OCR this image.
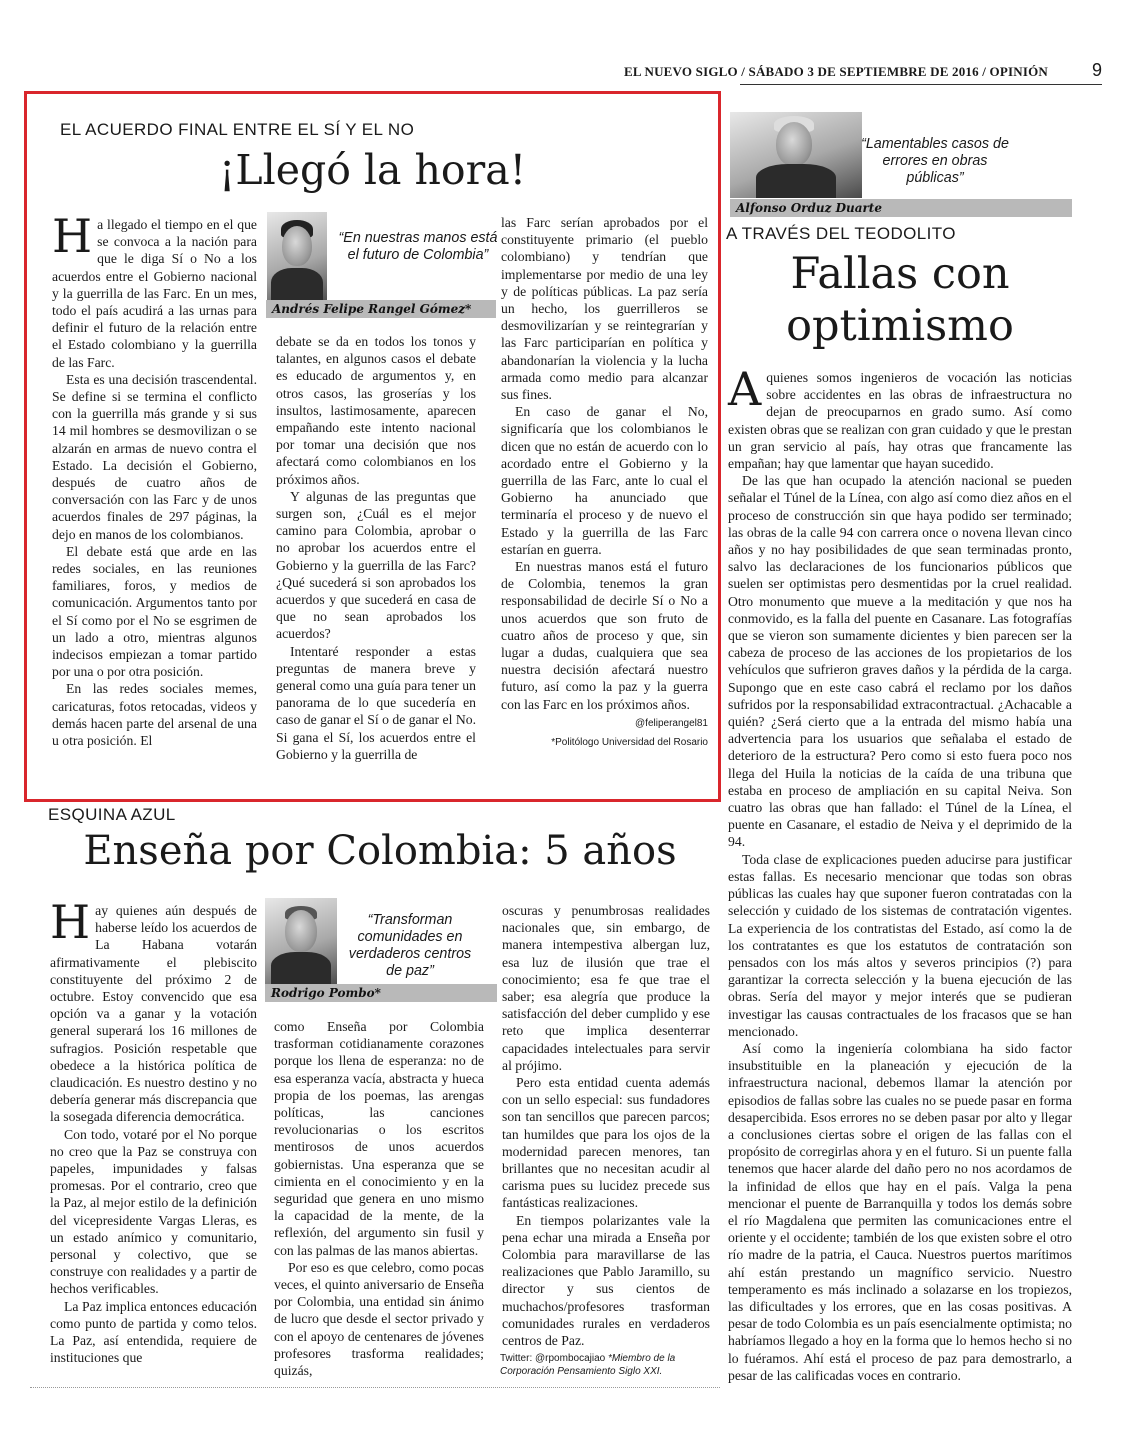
EL NUEVO SIGLO / SÁBADO 3 DE SEPTIEMBRE DE 2016 / OPINIÓN 9
EL ACUERDO FINAL ENTRE EL SÍ Y EL NO
¡Llegó la hora!
“En nuestras manos está el futuro de Colombia”
Andrés Felipe Rangel Gómez*

Ha llegado el tiempo en el que se convoca a la nación para que le diga Sí o No a los acuerdos entre el Gobierno nacional y la guerrilla de las Farc. En un mes, todo el país acudirá a las urnas para definir el futuro de la relación entre el Estado colombiano y la guerrilla de las Farc.

Esta es una decisión trascendental. Se define si se termina el conflicto con la guerrilla más grande y si sus 14 mil hombres se desmovilizan o se alzarán en armas de nuevo contra el Estado. La decisión el Gobierno, después de cuatro años de conversación con las Farc y de unos acuerdos finales de 297 páginas, la dejo en manos de los colombianos.

El debate está que arde en las redes sociales, en las reuniones familiares, foros, y medios de comunicación. Argumentos tanto por el Sí como por el No se esgrimen de un lado a otro, mientras algunos indecisos empiezan a tomar partido por una o por otra posición.

En las redes sociales memes, caricaturas, fotos retocadas, videos y demás hacen parte del arsenal de una u otra posición. El

debate se da en todos los tonos y talantes, en algunos casos el debate es educado de argumentos y, en otros casos, las groserías y los insultos, lastimosamente, aparecen empañando este intento nacional por tomar una decisión que nos afectará como colombianos en los próximos años.

Y algunas de las preguntas que surgen son, ¿Cuál es el mejor camino para Colombia, aprobar o no aprobar los acuerdos entre el Gobierno y la guerrilla de las Farc? ¿Qué sucederá si son aprobados los acuerdos y que sucederá en casa de que no sean aprobados los acuerdos?

Intentaré responder a estas preguntas de manera breve y general como una guía para tener un panorama de lo que sucedería en caso de ganar el Sí o de ganar el No. Si gana el Sí, los acuerdos entre el Gobierno y la guerrilla de

las Farc serían aprobados por el constituyente primario (el pueblo colombiano) y tendrían que implementarse por medio de una ley y de políticas públicas. La paz sería un hecho, los guerrilleros se desmovilizarían y se reintegrarían y las Farc participarían en política y abandonarían la violencia y la lucha armada como medio para alcanzar sus fines.

En caso de ganar el No, significaría que los colombianos le dicen que no están de acuerdo con lo acordado entre el Gobierno y la guerrilla de las Farc, ante lo cual el Gobierno ha anunciado que terminaría el proceso y de nuevo el Estado y la guerrilla de las Farc estarían en guerra.

En nuestras manos está el futuro de Colombia, tenemos la gran responsabilidad de decirle Sí o No a unos acuerdos que son fruto de cuatro años de proceso y que, sin lugar a dudas, cualquiera que sea nuestra decisión afectará nuestro futuro, así como la paz y la guerra con las Farc en los próximos años.

@feliperangel81
*Politólogo Universidad del Rosario
“Lamentables casos de errores en obras públicas”
Alfonso Orduz Duarte
A TRAVÉS DEL TEODOLITO
Fallas con
optimismo

Aquienes somos ingenieros de vocación las noticias sobre accidentes en las obras de infraestructura no dejan de preocuparnos en grado sumo. Así como existen obras que se realizan con gran cuidado y que le prestan un gran servicio al país, hay otras que francamente las empañan; hay que lamentar que hayan sucedido.

De las que han ocupado la atención nacional se pueden señalar el Túnel de la Línea, con algo así como diez años en el proceso de construcción sin que haya podido ser terminado; las obras de la calle 94 con carrera once o novena llevan cinco años y no hay posibilidades de que sean terminadas pronto, salvo las declaraciones de los funcionarios públicos que suelen ser optimistas pero desmentidas por la cruel realidad. Otro monumento que mueve a la meditación y que nos ha conmovido, es la falla del puente en Casanare. Las fotografías que se vieron son sumamente dicientes y bien parecen ser la cabeza de proceso de las acciones de los propietarios de los vehículos que sufrieron graves daños y la pérdida de la carga. Supongo que en este caso cabrá el reclamo por los daños sufridos por la responsabilidad extracontractual. ¿Achacable a quién? ¿Será cierto que a la entrada del mismo había una advertencia para los usuarios que señalaba el estado de deterioro de la estructura? Pero como si esto fuera poco nos llega del Huila la noticias de la caída de una tribuna que estaba en proceso de ampliación en su capital Neiva. Son cuatro las obras que han fallado: el Túnel de la Línea, el puente en Casanare, el estadio de Neiva y el deprimido de la 94.

Toda clase de explicaciones pueden aducirse para justificar estas fallas. Es necesario mencionar que todas son obras públicas las cuales hay que suponer fueron contratadas con la selección y cuidado de los sistemas de contratación vigentes. La experiencia de los contratistas del Estado, así como la de los contratantes es que los estatutos de contratación son pensados con los más altos y severos principios (?) para garantizar la correcta selección y la buena ejecución de las obras. Sería del mayor y mejor interés que se pudieran investigar las causas contractuales de los fracasos que se han mencionado.

Así como la ingeniería colombiana ha sido factor insubstituible en la planeación y ejecución de la infraestructura nacional, debemos llamar la atención por episodios de fallas sobre las cuales no se puede pasar en forma desapercibida. Esos errores no se deben pasar por alto y llegar a conclusiones ciertas sobre el origen de las fallas con el propósito de corregirlas ahora y en el futuro. Si un puente falla tenemos que hacer alarde del daño pero no nos acordamos de la infinidad de ellos que hay en el país. Valga la pena mencionar el puente de Barranquilla y todos los demás sobre el río Magdalena que permiten las comunicaciones entre el oriente y el occidente; también de los que existen sobre el otro río madre de la patria, el Cauca. Nuestros puertos marítimos ahí están prestando un magnífico servicio. Nuestro temperamento es más inclinado a solazarse en los tropiezos, las dificultades y los errores, que en las cosas positivas. A pesar de todo Colombia es un país esencialmente optimista; no habríamos llegado a hoy en la forma que lo hemos hecho si no lo fuéramos. Ahí está el proceso de paz para demostrarlo, a pesar de las calificadas voces en contrario.

ESQUINA AZUL
Enseña por Colombia: 5 años
“Transforman comunidades en verdaderos centros de paz”
Rodrigo Pombo*

Hay quienes aún después de haberse leído los acuerdos de La Habana votarán afirmativamente el plebiscito constituyente del próximo 2 de octubre. Estoy convencido que esa opción va a ganar y la votación general superará los 16 millones de sufragios. Posición respetable que obedece a la histórica política de claudicación. Es nuestro destino y no debería generar más discrepancia que la sosegada diferencia democrática.

Con todo, votaré por el No porque no creo que la Paz se construya con papeles, impunidades y falsas promesas. Por el contrario, creo que la Paz, al mejor estilo de la definición del vicepresidente Vargas Lleras, es un estado anímico y comunitario, personal y colectivo, que se construye con realidades y a partir de hechos verificables.

La Paz implica entonces educación como punto de partida y como telos. La Paz, así entendida, requiere de instituciones que

como Enseña por Colombia trasforman cotidianamente corazones porque los llena de esperanza: no de esa esperanza vacía, abstracta y hueca propia de los poemas, las arengas políticas, las canciones revolucionarias o los escritos mentirosos de unos acuerdos gobiernistas. Una esperanza que se cimienta en el conocimiento y en la seguridad que genera en uno mismo la capacidad de la mente, de la reflexión, del argumento sin fusil y con las palmas de las manos abiertas.

Por eso es que celebro, como pocas veces, el quinto aniversario de Enseña por Colombia, una entidad sin ánimo de lucro que desde el sector privado y con el apoyo de centenares de jóvenes profesores trasforma realidades; quizás,

oscuras y penumbrosas realidades nacionales que, sin embargo, de manera intempestiva albergan luz, esa luz de ilusión que trae el conocimiento; esa fe que trae el saber; esa alegría que produce la satisfacción del deber cumplido y ese reto que implica desenterrar capacidades intelectuales para servir al prójimo.

Pero esta entidad cuenta además con un sello especial: sus fundadores son tan sencillos que parecen parcos; tan humildes que para los ojos de la modernidad parecen menores, tan brillantes que no necesitan acudir al carisma pues su lucidez precede sus fantásticas realizaciones.

En tiempos polarizantes vale la pena echar una mirada a Enseña por Colombia para maravillarse de las realizaciones que Pablo Jaramillo, su director y sus cientos de muchachos/profesores trasforman comunidades rurales en verdaderos centros de Paz.

Twitter: @rpombocajiao *Miembro de la Corporación Pensamiento Siglo XXI.
